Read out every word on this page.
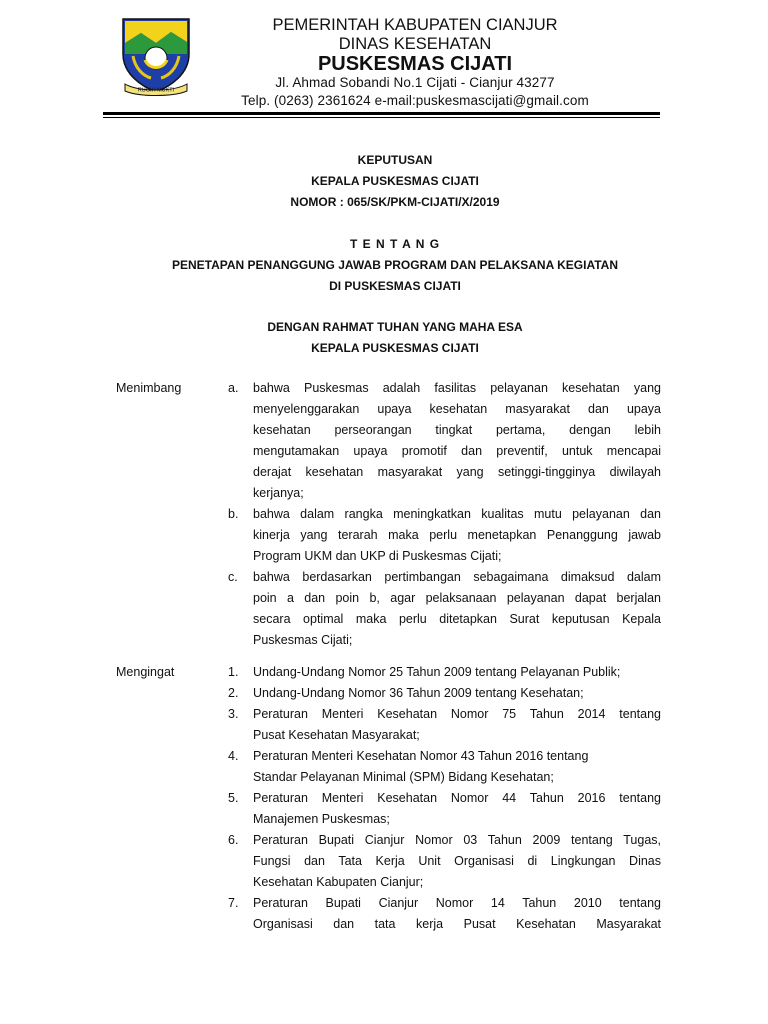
RUGIH MUKTI
PEMERINTAH KABUPATEN CIANJUR
DINAS KESEHATAN
PUSKESMAS CIJATI
Jl. Ahmad Sobandi No.1 Cijati - Cianjur 43277
Telp. (0263) 2361624 e-mail:puskesmascijati@gmail.com
KEPUTUSAN
KEPALA PUSKESMAS CIJATI
NOMOR : 065/SK/PKM-CIJATI/X/2019
T E N T A N G
PENETAPAN PENANGGUNG JAWAB PROGRAM DAN PELAKSANA KEGIATAN
DI PUSKESMAS CIJATI
DENGAN RAHMAT TUHAN YANG MAHA ESA
KEPALA PUSKESMAS CIJATI
Menimbang	a.	bahwa Puskesmas adalah fasilitas pelayanan kesehatan yang
menyelenggarakan upaya kesehatan masyarakat dan upaya
kesehatan perseorangan tingkat pertama, dengan lebih
mengutamakan upaya promotif dan preventif, untuk mencapai
derajat kesehatan masyarakat yang setinggi-tingginya diwilayah
kerjanya;
b.	bahwa dalam rangka meningkatkan kualitas mutu pelayanan dan
kinerja yang terarah maka perlu menetapkan Penanggung jawab
Program UKM dan UKP di Puskesmas Cijati;
c.	bahwa berdasarkan pertimbangan sebagaimana dimaksud dalam
poin a dan poin b, agar pelaksanaan pelayanan dapat berjalan
secara optimal maka perlu ditetapkan Surat keputusan Kepala
Puskesmas Cijati;
Mengingat	1.	Undang-Undang Nomor 25 Tahun 2009 tentang Pelayanan Publik;
2.	Undang-Undang Nomor 36 Tahun 2009 tentang Kesehatan;
3.	Peraturan Menteri Kesehatan Nomor 75 Tahun 2014 tentang
Pusat Kesehatan Masyarakat;
4.	Peraturan Menteri Kesehatan Nomor 43 Tahun 2016 tentang
Standar Pelayanan Minimal (SPM) Bidang Kesehatan;
5.	Peraturan Menteri Kesehatan Nomor 44 Tahun 2016 tentang
Manajemen Puskesmas;
6.	Peraturan Bupati Cianjur Nomor 03 Tahun 2009 tentang Tugas,
Fungsi dan Tata Kerja Unit Organisasi di Lingkungan Dinas
Kesehatan Kabupaten Cianjur;
7.	Peraturan Bupati Cianjur Nomor 14 Tahun 2010 tentang
Organisasi dan tata kerja Pusat Kesehatan Masyarakat
